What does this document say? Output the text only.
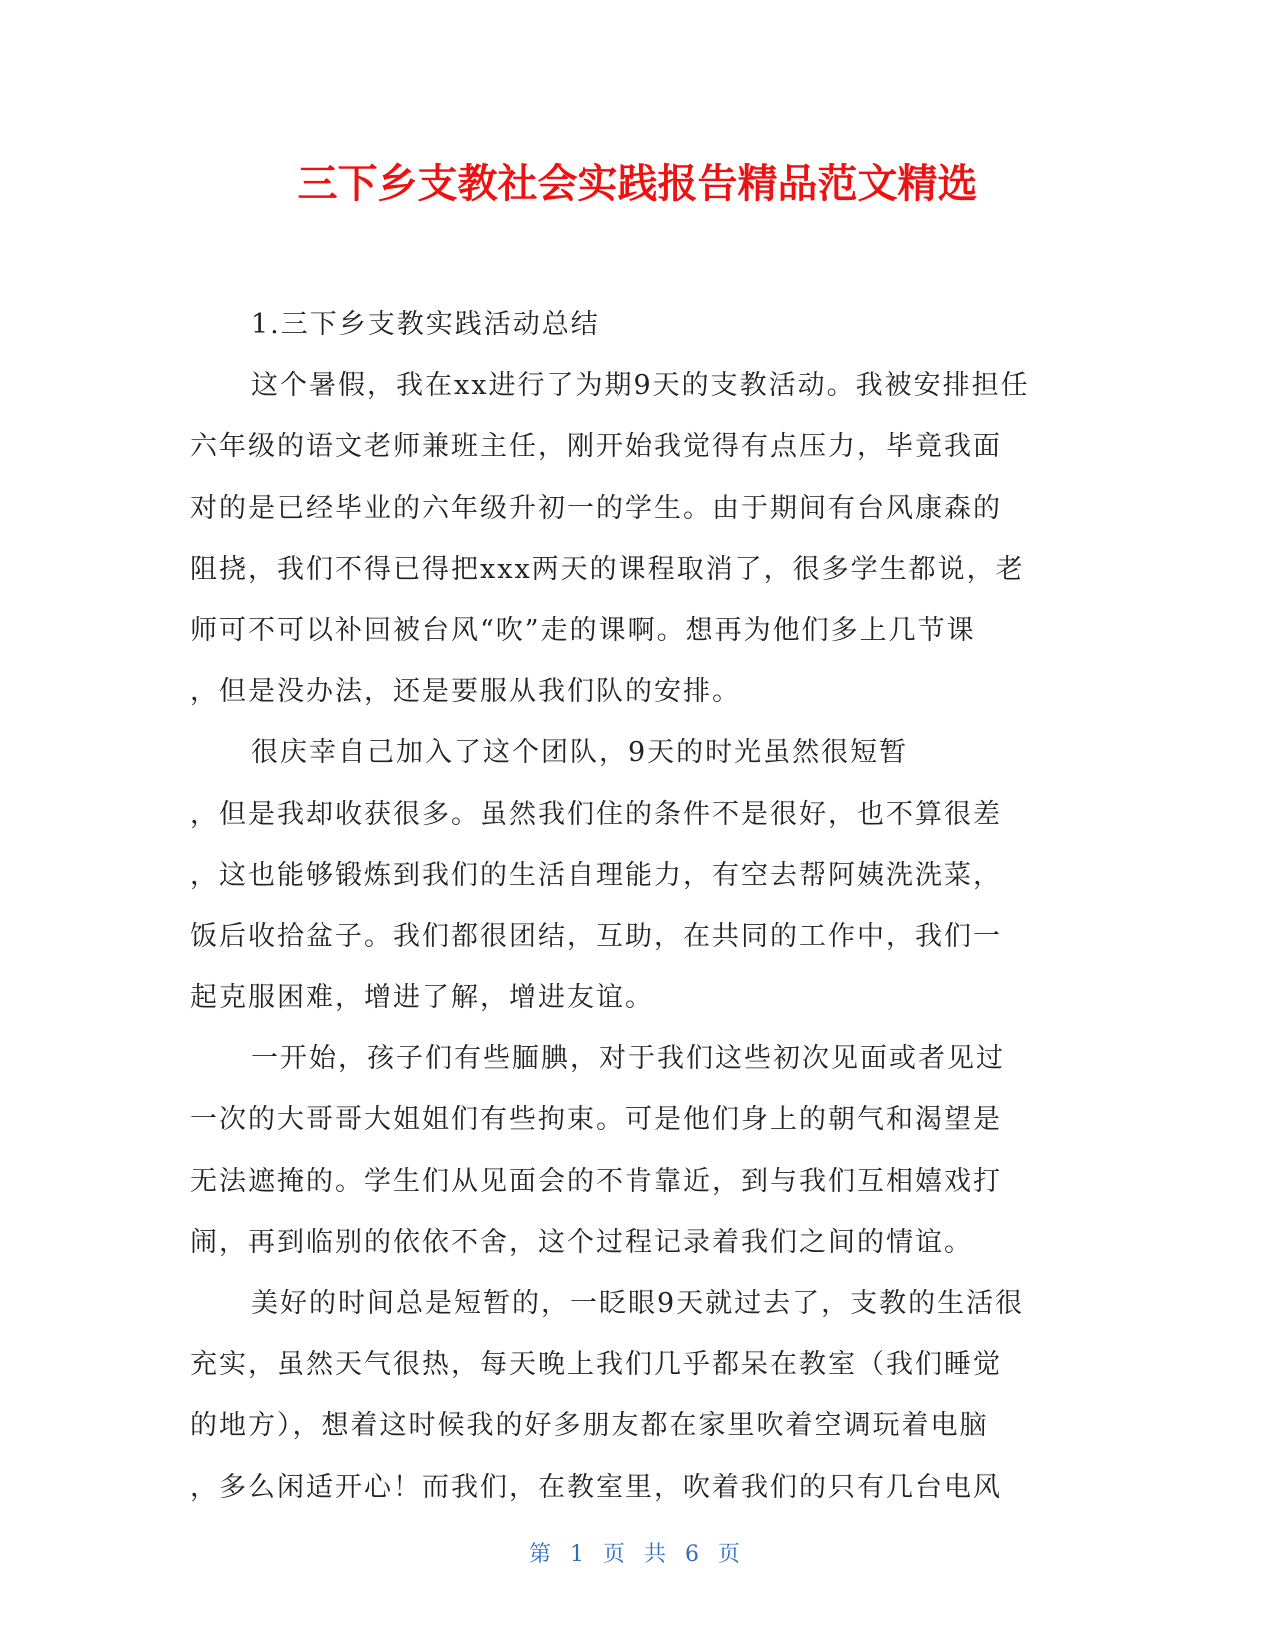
三下乡支教社会实践报告精品范文精选
1.三下乡支教实践活动总结
这个暑假，我在xx进行了为期9天的支教活动。我被安排担任
六年级的语文老师兼班主任，刚开始我觉得有点压力，毕竟我面
对的是已经毕业的六年级升初一的学生。由于期间有台风康森的
阻挠，我们不得已得把xxx两天的课程取消了，很多学生都说，老
师可不可以补回被台风“吹”走的课啊。想再为他们多上几节课
，但是没办法，还是要服从我们队的安排。
很庆幸自己加入了这个团队，9天的时光虽然很短暂
，但是我却收获很多。虽然我们住的条件不是很好，也不算很差
，这也能够锻炼到我们的生活自理能力，有空去帮阿姨洗洗菜，
饭后收拾盆子。我们都很团结，互助，在共同的工作中，我们一
起克服困难，增进了解，增进友谊。
一开始，孩子们有些腼腆，对于我们这些初次见面或者见过
一次的大哥哥大姐姐们有些拘束。可是他们身上的朝气和渴望是
无法遮掩的。学生们从见面会的不肯靠近，到与我们互相嬉戏打
闹，再到临别的依依不舍，这个过程记录着我们之间的情谊。
美好的时间总是短暂的，一眨眼9天就过去了，支教的生活很
充实，虽然天气很热，每天晚上我们几乎都呆在教室（我们睡觉
的地方），想着这时候我的好多朋友都在家里吹着空调玩着电脑
，多么闲适开心！而我们，在教室里，吹着我们的只有几台电风
第 1 页 共 6 页
